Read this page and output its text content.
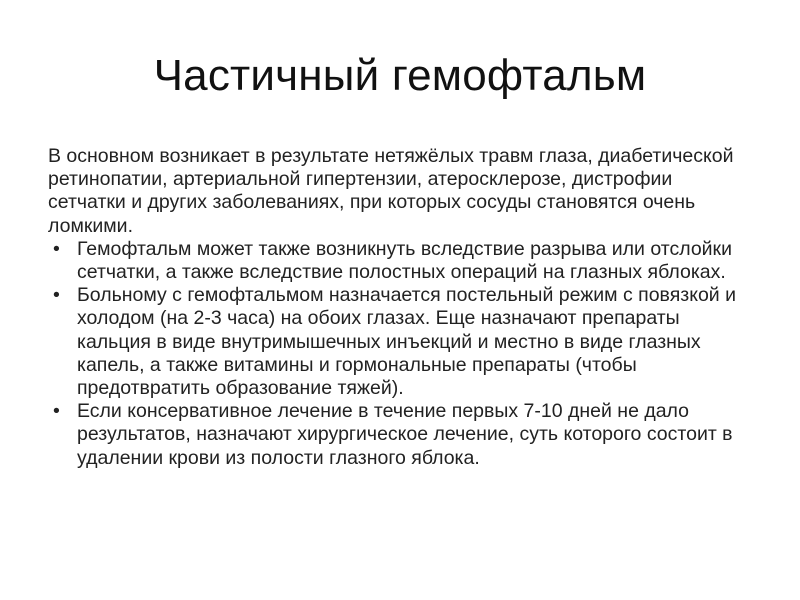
Частичный гемофтальм

В основном возникает в результате нетяжёлых травм глаза, диабетической ретинопатии, артериальной гипертензии, атеросклерозе, дистрофии сетчатки и других заболеваниях, при которых сосуды становятся очень ломкими.

• Гемофтальм может также возникнуть вследствие разрыва или отслойки сетчатки, а также вследствие полостных операций на глазных яблоках.
• Больному с гемофтальмом назначается постельный режим с повязкой и холодом (на 2-3 часа) на обоих глазах. Еще назначают препараты кальция в виде внутримышечных инъекций и местно в виде глазных капель, а также витамины и гормональные препараты (чтобы предотвратить образование тяжей).
• Если консервативное лечение в течение первых 7-10 дней не дало результатов, назначают хирургическое лечение, суть которого состоит в удалении крови из полости глазного яблока.
